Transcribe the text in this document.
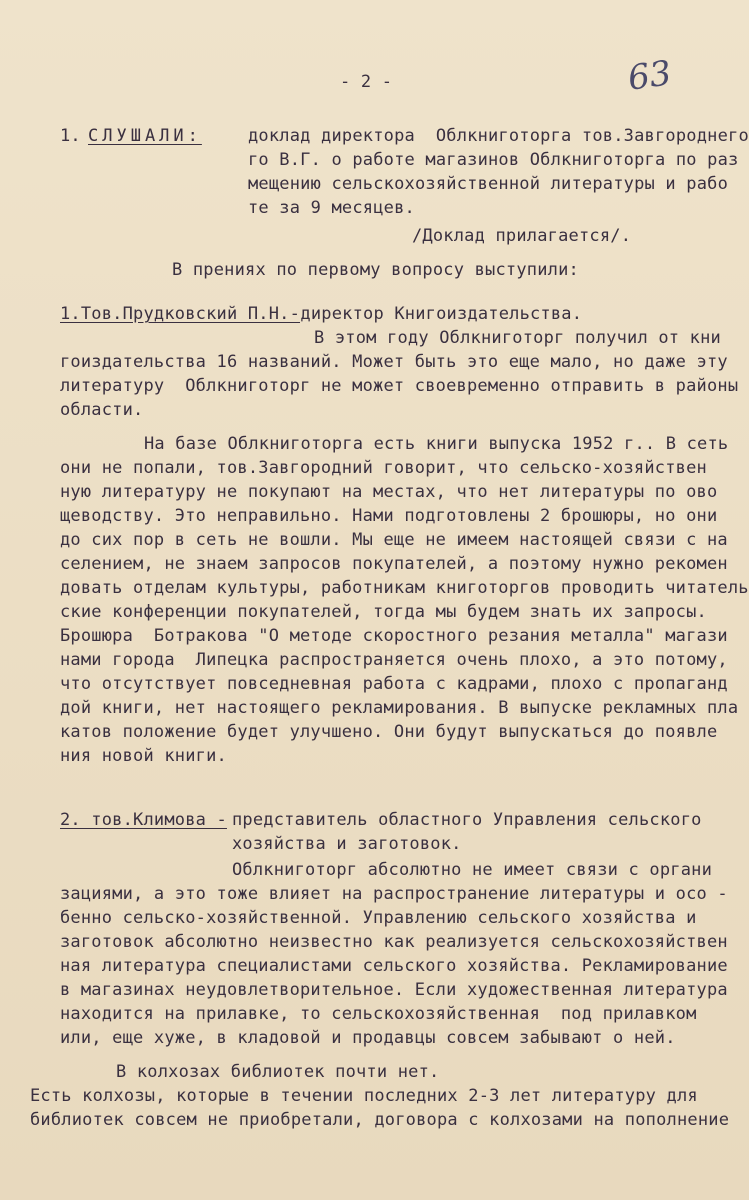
- 2 -	63
1. СЛУШАЛИ:	доклад директора  Облкниготорга тов.Завгороднего
го В.Г. о работе магазинов Облкниготорга по раз
мещению сельскохозяйственной литературы и рабо
те за 9 месяцев.
/Доклад прилагается/.
В прениях по первому вопросу выступили:
1.Тов.Прудковский П.Н.-
директор Книгоиздательства.
В этом году Облкниготорг получил от кни
гоиздательства 16 названий. Может быть это еще мало, но даже эту
литературу  Облкниготорг не может своевременно отправить в районы
области.
На базе Облкниготорга есть книги выпуска 1952 г.. В сеть
они не попали, тов.Завгородний говорит, что сельско-хозяйствен
ную литературу не покупают на местах, что нет литературы по ово
щеводству. Это неправильно. Нами подготовлены 2 брошюры, но они
до сих пор в сеть не вошли. Мы еще не имеем настоящей связи с на
селением, не знаем запросов покупателей, а поэтому нужно рекомен
довать отделам культуры, работникам книготоргов проводить читатель
ские конференции покупателей, тогда мы будем знать их запросы.
Брошюра  Ботракова "О методе скоростного резания металла" магази
нами города  Липецка распространяется очень плохо, а это потому,
что отсутствует повседневная работа с кадрами, плохо с пропаганд
дой книги, нет настоящего рекламирования. В выпуске рекламных пла
катов положение будет улучшено. Они будут выпускаться до появле
ния новой книги.
2. тов.Климова - представитель областного Управления сельского
хозяйства и заготовок.
Облкниготорг абсолютно не имеет связи с органи
зациями, а это тоже влияет на распространение литературы и осо -
бенно сельско-хозяйственной. Управлению сельского хозяйства и
заготовок абсолютно неизвестно как реализуется сельскохозяйствен
ная литература специалистами сельского хозяйства. Рекламирование
в магазинах неудовлетворительное. Если художественная литература
находится на прилавке, то сельскохозяйственная  под прилавком
или, еще хуже, в кладовой и продавцы совсем забывают о ней.
В колхозах библиотек почти нет.
Есть колхозы, которые в течении последних 2-3 лет литературу для
библиотек совсем не приобретали, договора с колхозами на пополнение
